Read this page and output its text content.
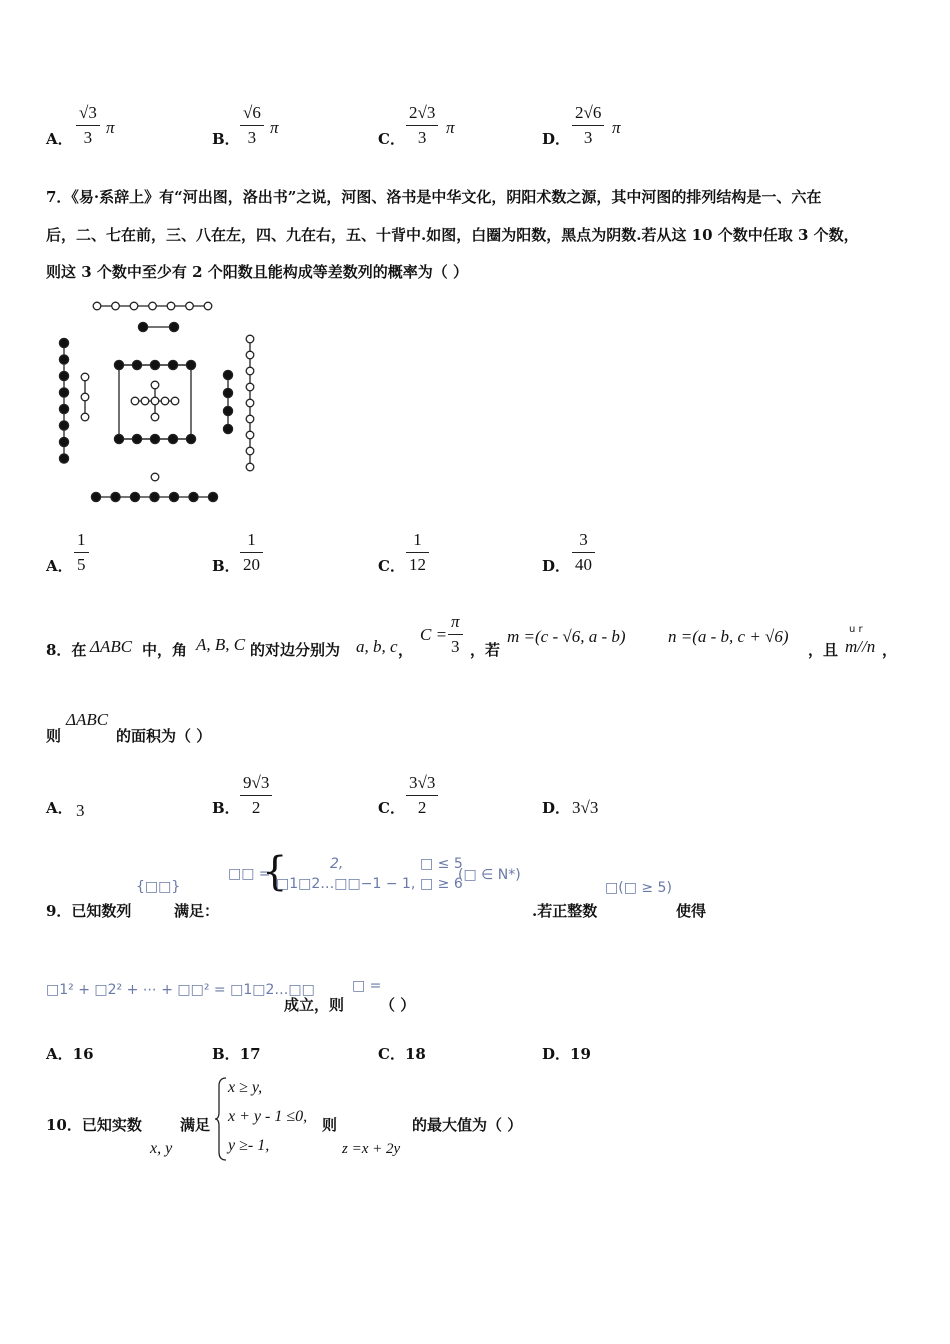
A．
√3
3
π
B．
√6
3
π
C．
2√3
3
π
D．
2√6
3
π
7．《易·系辞上》有“河出图，洛出书”之说，河图、洛书是中华文化，阴阳术数之源，其中河图的排列结构是一、六在
后，二、七在前，三、八在左，四、九在右，五、十背中.如图，白圈为阳数，黑点为阴数.若从这 10 个数中任取 3 个数，
则这 3 个数中至少有 2 个阳数且能构成等差数列的概率为（ ）
A．
1
5	B．
1
20	C．
1
12	D．
3
40
8．在 ΔABC 中，角 A, B, C 的对边分别为 a, b, c ，
C =
π
3 ，若
m =(c - √6, a - b) n =(a - b, c + √6)
，且
u r
m//n ，
则
ΔABC
的面积为（ ）
A． 3	B．
9√3
2	C．
3√3
2	D． 3√3
9．已知数列
{□□}
满足：
□□ =
{	2,	□ ≤ 5
□1□2…□□−1 − 1, □ ≥ 6
(□ ∈ N*)
.若正整数
□(□ ≥ 5)
使得
□1² + □2² + ⋯ + □□² = □1□2…□□
成立，则
□ =
（ ）
A．16	B．17	C．18	D．19
10．已知实数
x, y
满足
x ≥ y,
x + y - 1 ≤0,
y ≥- 1,
则
z =x + 2y
的最大值为（ ）
